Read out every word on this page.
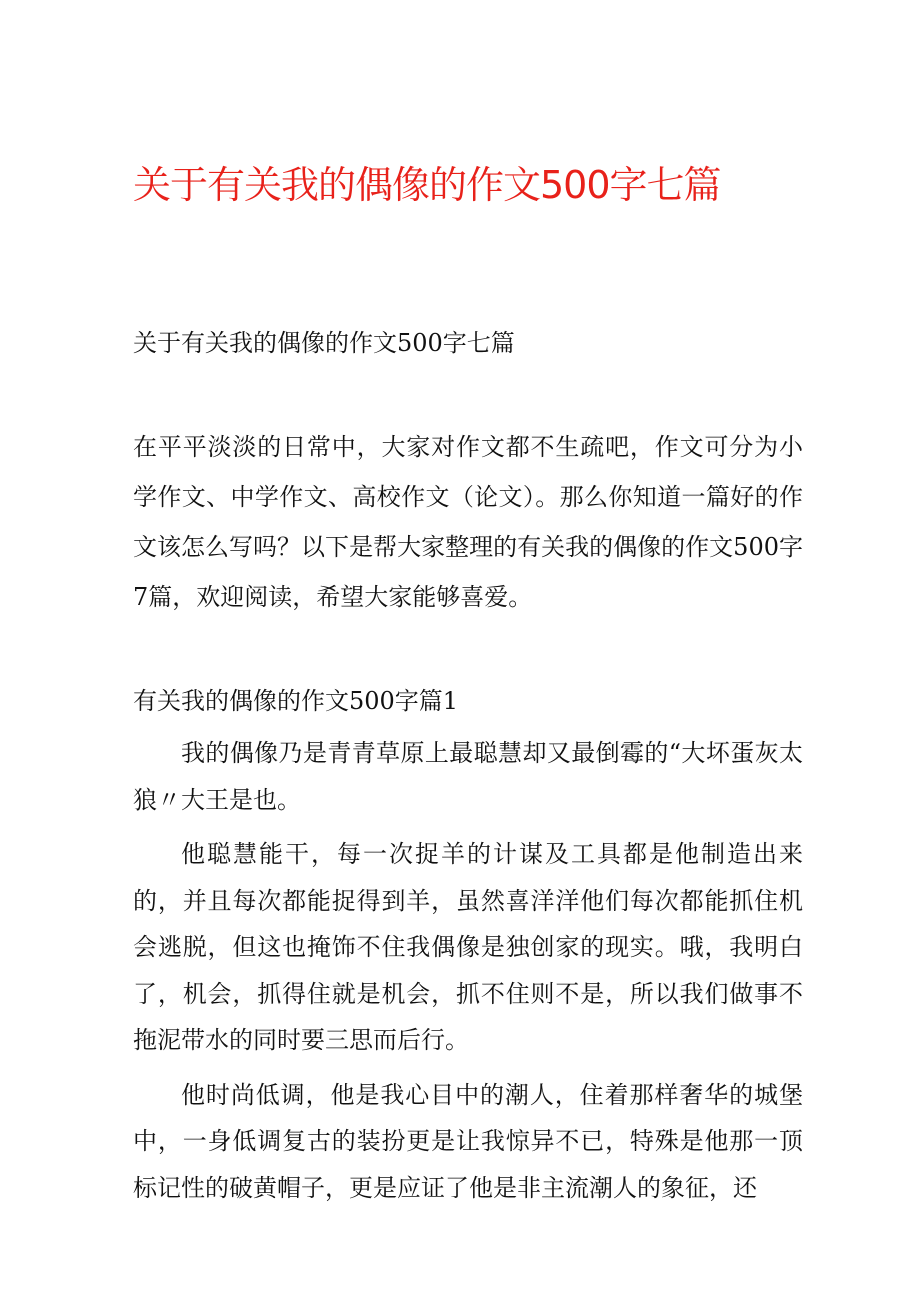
关于有关我的偶像的作文500字七篇

关于有关我的偶像的作文500字七篇

在平平淡淡的日常中，大家对作文都不生疏吧，作文可分为小学作文、中学作文、高校作文（论文）。那么你知道一篇好的作文该怎么写吗？以下是帮大家整理的有关我的偶像的作文500字7篇，欢迎阅读，希望大家能够喜爱。

有关我的偶像的作文500字篇1

我的偶像乃是青青草原上最聪慧却又最倒霉的“大坏蛋灰太狼〃大王是也。

他聪慧能干，每一次捉羊的计谋及工具都是他制造出来的，并且每次都能捉得到羊，虽然喜洋洋他们每次都能抓住机会逃脱，但这也掩饰不住我偶像是独创家的现实。哦，我明白了，机会，抓得住就是机会，抓不住则不是，所以我们做事不拖泥带水的同时要三思而后行。

他时尚低调，他是我心目中的潮人，住着那样奢华的城堡中，一身低调复古的装扮更是让我惊异不已，特殊是他那一顶标记性的破黄帽子，更是应证了他是非主流潮人的象征，还
